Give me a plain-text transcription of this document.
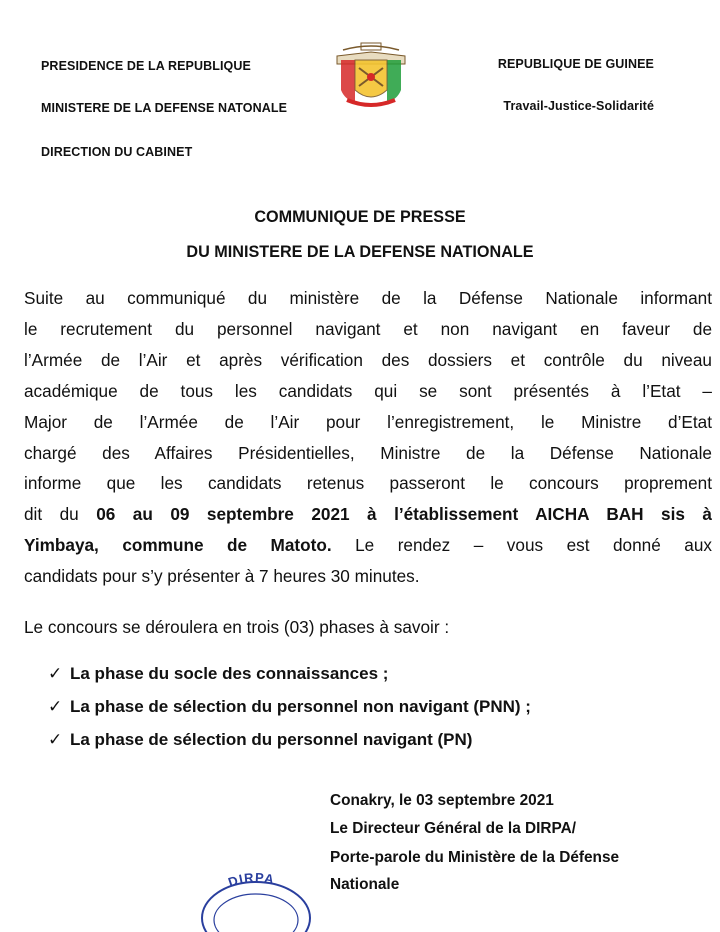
PRESIDENCE DE LA REPUBLIQUE
MINISTERE DE LA DEFENSE NATONALE
DIRECTION DU CABINET
REPUBLIQUE DE GUINEE
Travail-Justice-Solidarité
COMMUNIQUE DE PRESSE
DU MINISTERE DE LA DEFENSE NATIONALE
Suite au communiqué du ministère de la Défense Nationale informant
le recrutement du personnel navigant et non navigant en faveur de
l’Armée de l’Air et après vérification des dossiers et contrôle du niveau
académique de tous les candidats qui se sont présentés à l’Etat –
Major de l’Armée de l’Air pour l’enregistrement, le Ministre d’Etat
chargé des Affaires Présidentielles, Ministre de la Défense Nationale
informe que les candidats retenus passeront le concours proprement
dit du 06 au 09 septembre 2021 à l’établissement AICHA BAH sis à
Yimbaya, commune de Matoto. Le rendez – vous est donné aux
candidats pour s’y présenter à 7 heures 30 minutes.
Le concours se déroulera en trois (03) phases à savoir :
✓ La phase du socle des connaissances ;
✓ La phase de sélection du personnel non navigant (PNN) ;
✓ La phase de sélection du personnel navigant (PN)
Conakry, le 03 septembre 2021
Le Directeur Général de la DIRPA/
Porte-parole du Ministère de la Défense
Nationale
DIRPA
